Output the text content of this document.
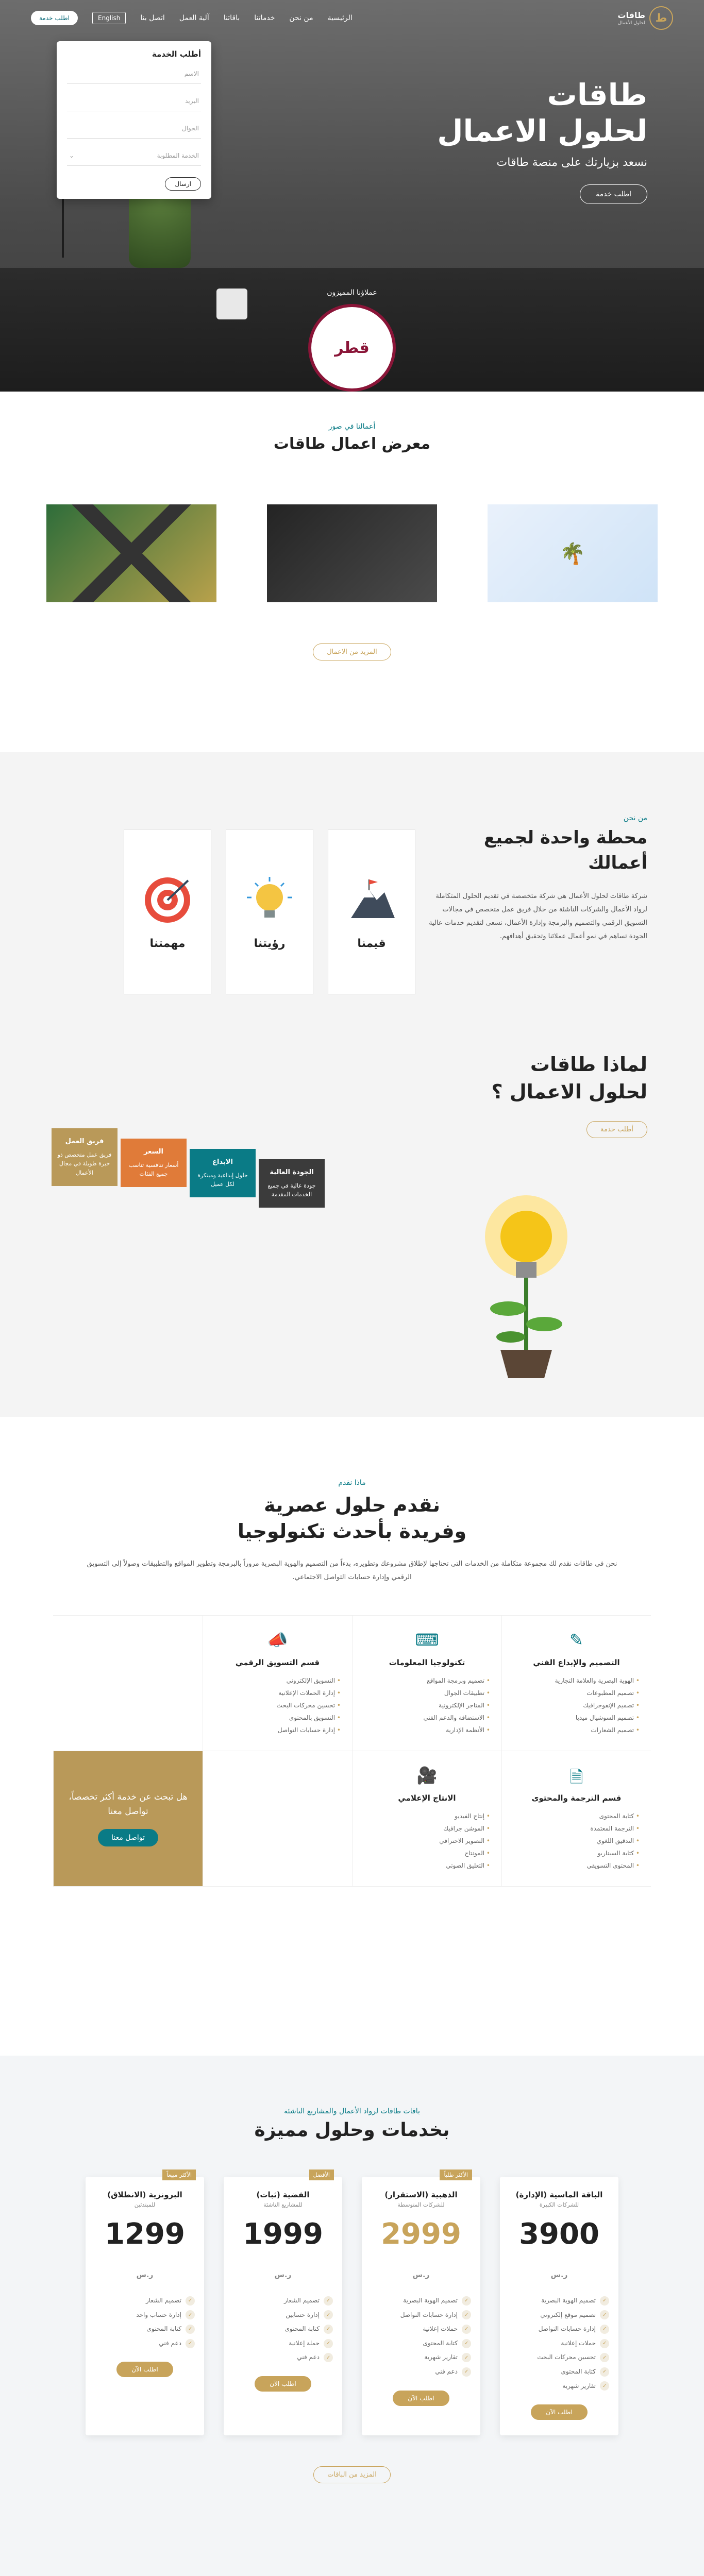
ط
طاقات
لحلول الأعمال
الرئيسية
من نحن
خدماتنا
باقاتنا
آلية العمل
اتصل بنا
English
اطلب خدمة
طاقات
لحلول الاعمال

نسعد بزيارتك على منصة طاقات

اطلب خدمة
أطلب الخدمة
الاسم
البريد
الجوال
الخدمة المطلوبة
⌄
ارسال
عملاؤنا المميزون
قطر
أعمالنا في صور
معرض اعمال طاقات
🌴
المزيد من الاعمال
من نحن
محطة واحدة لجميع أعمالك

شركة طاقات لحلول الأعمال هي شركة متخصصة في تقديم الحلول المتكاملة لرواد الأعمال والشركات الناشئة من خلال فريق عمل متخصص في مجالات التسويق الرقمي والتصميم والبرمجة وإدارة الأعمال، نسعى لتقديم خدمات عالية الجودة تساهم في نمو أعمال عملائنا وتحقيق أهدافهم.

قيمنا
رؤيتنا
مهمتنا
لماذا طاقات
لحلول الاعمال ؟
أطلب خدمة
فريق العمل
فريق عمل متخصص ذو خبرة طويلة في مجال الأعمال
السعر
أسعار تنافسية تناسب جميع الفئات
الابداع
حلول إبداعية ومبتكرة لكل عميل
الجودة العالية
جودة عالية في جميع الخدمات المقدمة
ماذا نقدم
نقدم حلول عصرية
وفريدة بأحدث تكنولوجيا

نحن في طاقات نقدم لك مجموعة متكاملة من الخدمات التي تحتاجها لإطلاق مشروعك وتطويره، بدءاً من التصميم والهوية البصرية مروراً بالبرمجة وتطوير المواقع والتطبيقات وصولاً إلى التسويق الرقمي وإدارة حسابات التواصل الاجتماعي.

✎
التصميم والإبداع الفني
• الهوية البصرية والعلامة التجارية
• تصميم المطبوعات
• تصميم الإنفوجرافيك
• تصميم السوشيال ميديا
• تصميم الشعارات
⌨
تكنولوجيا المعلومات
• تصميم وبرمجة المواقع
• تطبيقات الجوال
• المتاجر الإلكترونية
• الاستضافة والدعم الفني
• الأنظمة الإدارية
📣
قسم التسويق الرقمي
• التسويق الإلكتروني
• إدارة الحملات الإعلانية
• تحسين محركات البحث
• التسويق بالمحتوى
• إدارة حسابات التواصل
🗎
قسم الترجمة والمحتوى
• كتابة المحتوى
• الترجمة المعتمدة
• التدقيق اللغوي
• كتابة السيناريو
• المحتوى التسويقي
🎥
الانتاج الإعلامي
• إنتاج الفيديو
• الموشن جرافيك
• التصوير الاحترافي
• المونتاج
• التعليق الصوتي

هل تبحث عن خدمة أكثر تخصصاً، تواصل معنا

تواصل معنا
باقات طاقات لرواد الأعمال والمشاريع الناشئة
بخدمات وحلول مميزة
الباقة الماسية (الإدارة)
للشركات الكبيرة
3900 ر.س
✓
تصميم الهوية البصرية
✓
تصميم موقع إلكتروني
✓
إدارة حسابات التواصل
✓
حملات إعلانية
✓
تحسين محركات البحث
✓
كتابة المحتوى
✓
تقارير شهرية
اطلب الآن
الأكثر طلباً
الذهبية (الاستقرار)
للشركات المتوسطة
2999 ر.س
✓
تصميم الهوية البصرية
✓
إدارة حسابات التواصل
✓
حملات إعلانية
✓
كتابة المحتوى
✓
تقارير شهرية
✓
دعم فني
اطلب الآن
الأفضل
الفضية (ثبات)
للمشاريع الناشئة
1999 ر.س
✓
تصميم الشعار
✓
إدارة حسابين
✓
كتابة المحتوى
✓
حملة إعلانية
✓
دعم فني
اطلب الآن
الأكثر مبيعاً
البرونزية (الانطلاق)
للمبتدئين
1299 ر.س
✓
تصميم الشعار
✓
إدارة حساب واحد
✓
كتابة المحتوى
✓
دعم فني
اطلب الآن
المزيد من الباقات
